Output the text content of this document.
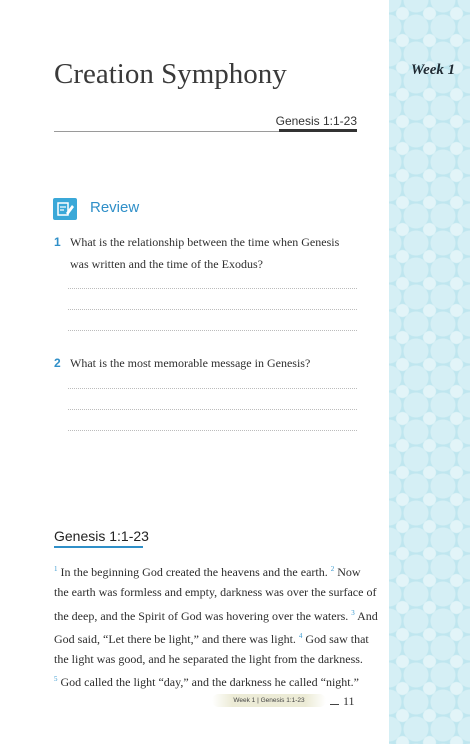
Week 1
Creation Symphony
Genesis 1:1-23
Review
1 What is the relationship between the time when Genesis was written and the time of the Exodus?
2 What is the most memorable message in Genesis?
Genesis 1:1-23
$^1$ In the beginning God created the heavens and the earth. $^2$ Now
the earth was formless and empty, darkness was over the surface of
the deep, and the Spirit of God was hovering over the waters. $^3$ And
God said, “Let there be light,” and there was light. $^4$ God saw that
the light was good, and he separated the light from the darkness.
$^5$ God called the light “day,” and the darkness he called “night.”
Week 1 | Genesis 1:1-23	11
